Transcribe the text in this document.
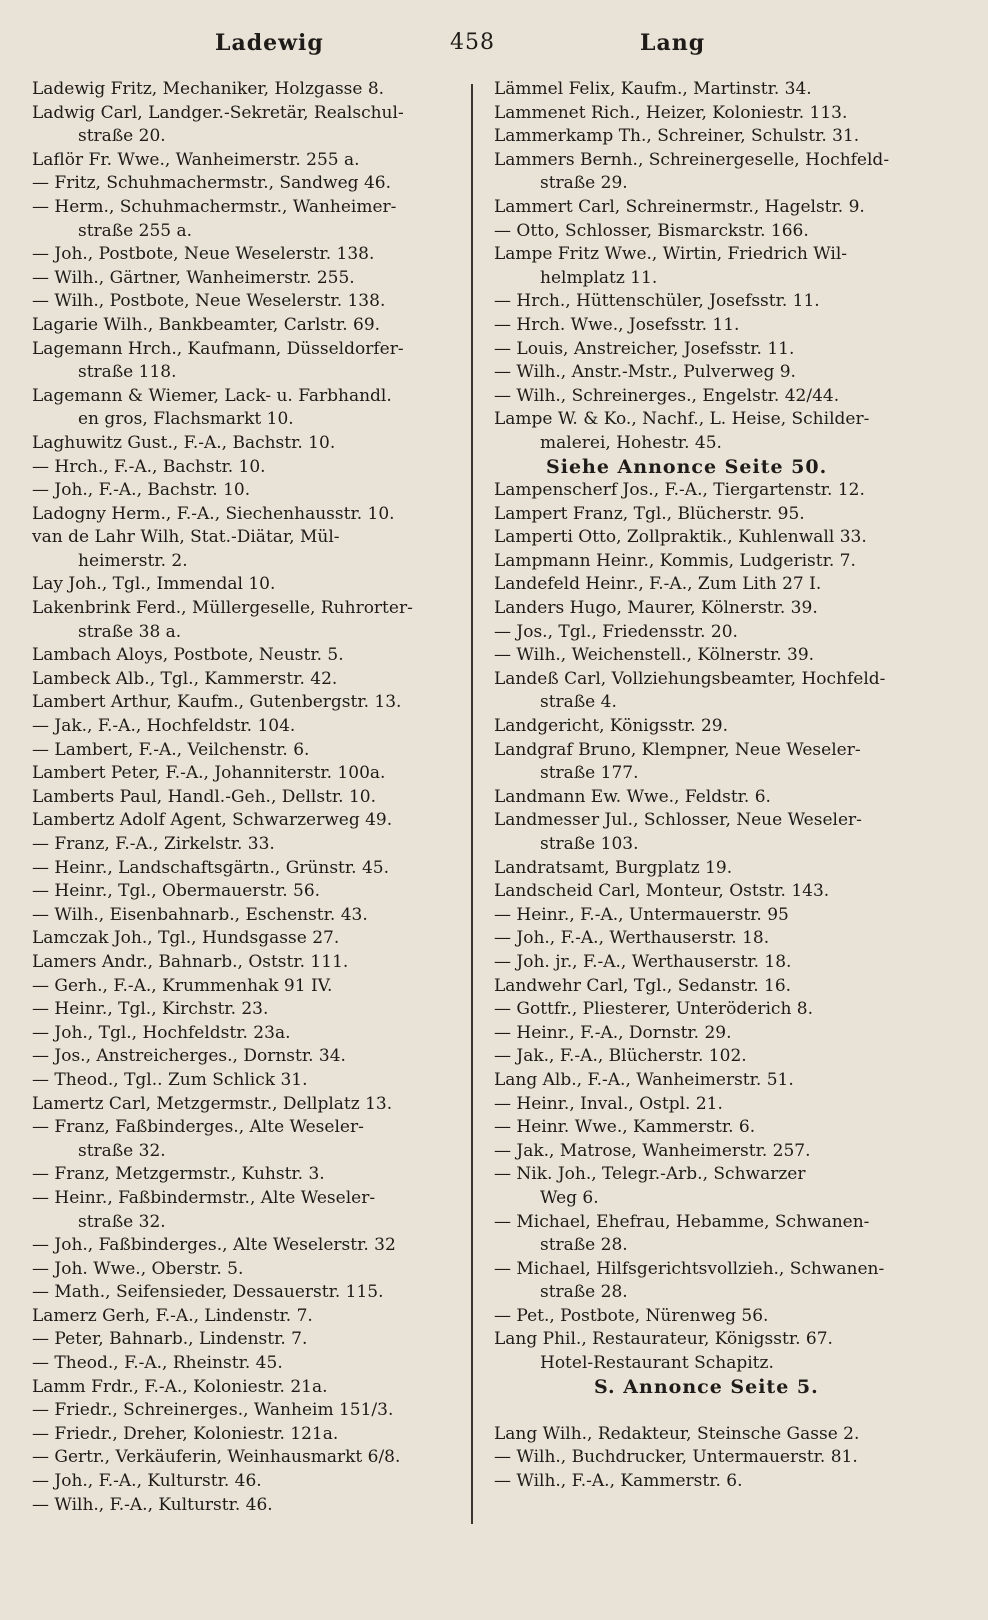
Ladewig	458	Lang
Ladewig Fritz, Mechaniker, Holzgasse 8.
Ladwig Carl, Landger.-Sekretär, Realschul-
straße 20.
Laflör Fr. Wwe., Wanheimerstr. 255 a.
— Fritz, Schuhmachermstr., Sandweg 46.
— Herm., Schuhmachermstr., Wanheimer-
straße 255 a.
— Joh., Postbote, Neue Weselerstr. 138.
— Wilh., Gärtner, Wanheimerstr. 255.
— Wilh., Postbote, Neue Weselerstr. 138.
Lagarie Wilh., Bankbeamter, Carlstr. 69.
Lagemann Hrch., Kaufmann, Düsseldorfer-
straße 118.
Lagemann & Wiemer, Lack- u. Farbhandl.
en gros, Flachsmarkt 10.
Laghuwitz Gust., F.-A., Bachstr. 10.
— Hrch., F.-A., Bachstr. 10.
— Joh., F.-A., Bachstr. 10.
Ladogny Herm., F.-A., Siechenhausstr. 10.
van de Lahr Wilh, Stat.-Diätar, Mül-
heimerstr. 2.
Lay Joh., Tgl., Immendal 10.
Lakenbrink Ferd., Müllergeselle, Ruhrorter-
straße 38 a.
Lambach Aloys, Postbote, Neustr. 5.
Lambeck Alb., Tgl., Kammerstr. 42.
Lambert Arthur, Kaufm., Gutenbergstr. 13.
— Jak., F.-A., Hochfeldstr. 104.
— Lambert, F.-A., Veilchenstr. 6.
Lambert Peter, F.-A., Johanniterstr. 100a.
Lamberts Paul, Handl.-Geh., Dellstr. 10.
Lambertz Adolf Agent, Schwarzerweg 49.
— Franz, F.-A., Zirkelstr. 33.
— Heinr., Landschaftsgärtn., Grünstr. 45.
— Heinr., Tgl., Obermauerstr. 56.
— Wilh., Eisenbahnarb., Eschenstr. 43.
Lamczak Joh., Tgl., Hundsgasse 27.
Lamers Andr., Bahnarb., Oststr. 111.
— Gerh., F.-A., Krummenhak 91 IV.
— Heinr., Tgl., Kirchstr. 23.
— Joh., Tgl., Hochfeldstr. 23a.
— Jos., Anstreicherges., Dornstr. 34.
— Theod., Tgl.. Zum Schlick 31.
Lamertz Carl, Metzgermstr., Dellplatz 13.
— Franz, Faßbinderges., Alte Weseler-
straße 32.
— Franz, Metzgermstr., Kuhstr. 3.
— Heinr., Faßbindermstr., Alte Weseler-
straße 32.
— Joh., Faßbinderges., Alte Weselerstr. 32
— Joh. Wwe., Oberstr. 5.
— Math., Seifensieder, Dessauerstr. 115.
Lamerz Gerh, F.-A., Lindenstr. 7.
— Peter, Bahnarb., Lindenstr. 7.
— Theod., F.-A., Rheinstr. 45.
Lamm Frdr., F.-A., Koloniestr. 21a.
— Friedr., Schreinerges., Wanheim 151/3.
— Friedr., Dreher, Koloniestr. 121a.
— Gertr., Verkäuferin, Weinhausmarkt 6/8.
— Joh., F.-A., Kulturstr. 46.
— Wilh., F.-A., Kulturstr. 46.
Lämmel Felix, Kaufm., Martinstr. 34.
Lammenet Rich., Heizer, Koloniestr. 113.
Lammerkamp Th., Schreiner, Schulstr. 31.
Lammers Bernh., Schreinergeselle, Hochfeld-
straße 29.
Lammert Carl, Schreinermstr., Hagelstr. 9.
— Otto, Schlosser, Bismarckstr. 166.
Lampe Fritz Wwe., Wirtin, Friedrich Wil-
helmplatz 11.
— Hrch., Hüttenschüler, Josefsstr. 11.
— Hrch. Wwe., Josefsstr. 11.
— Louis, Anstreicher, Josefsstr. 11.
— Wilh., Anstr.-Mstr., Pulverweg 9.
— Wilh., Schreinerges., Engelstr. 42/44.
Lampe W. & Ko., Nachf., L. Heise, Schilder-
malerei, Hohestr. 45.
Siehe Annonce Seite 50.
Lampenscherf Jos., F.-A., Tiergartenstr. 12.
Lampert Franz, Tgl., Blücherstr. 95.
Lamperti Otto, Zollpraktik., Kuhlenwall 33.
Lampmann Heinr., Kommis, Ludgeristr. 7.
Landefeld Heinr., F.-A., Zum Lith 27 I.
Landers Hugo, Maurer, Kölnerstr. 39.
— Jos., Tgl., Friedensstr. 20.
— Wilh., Weichenstell., Kölnerstr. 39.
Landeß Carl, Vollziehungsbeamter, Hochfeld-
straße 4.
Landgericht, Königsstr. 29.
Landgraf Bruno, Klempner, Neue Weseler-
straße 177.
Landmann Ew. Wwe., Feldstr. 6.
Landmesser Jul., Schlosser, Neue Weseler-
straße 103.
Landratsamt, Burgplatz 19.
Landscheid Carl, Monteur, Oststr. 143.
— Heinr., F.-A., Untermauerstr. 95
— Joh., F.-A., Werthauserstr. 18.
— Joh. jr., F.-A., Werthauserstr. 18.
Landwehr Carl, Tgl., Sedanstr. 16.
— Gottfr., Pliesterer, Unteröderich 8.
— Heinr., F.-A., Dornstr. 29.
— Jak., F.-A., Blücherstr. 102.
Lang Alb., F.-A., Wanheimerstr. 51.
— Heinr., Inval., Ostpl. 21.
— Heinr. Wwe., Kammerstr. 6.
— Jak., Matrose, Wanheimerstr. 257.
— Nik. Joh., Telegr.-Arb., Schwarzer
Weg 6.
— Michael, Ehefrau, Hebamme, Schwanen-
straße 28.
— Michael, Hilfsgerichtsvollzieh., Schwanen-
straße 28.
— Pet., Postbote, Nürenweg 56.
Lang Phil., Restaurateur, Königsstr. 67.
Hotel-Restaurant Schapitz.
S. Annonce Seite 5.
Lang Wilh., Redakteur, Steinsche Gasse 2.
— Wilh., Buchdrucker, Untermauerstr. 81.
— Wilh., F.-A., Kammerstr. 6.
